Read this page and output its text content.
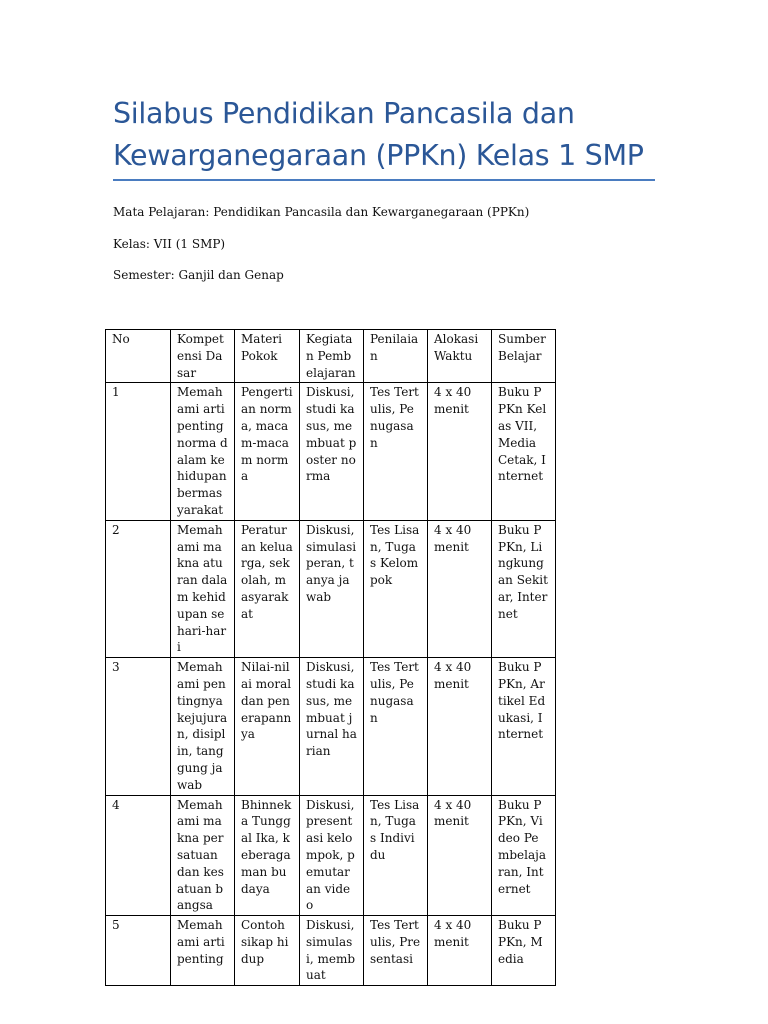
Silabus Pendidikan Pancasila dan Kewarganegaraan (PPKn) Kelas 1 SMP

Mata Pelajaran: Pendidikan Pancasila dan Kewarganegaraan (PPKn)

Kelas: VII (1 SMP)

Semester: Ganjil dan Genap

No	Kompetensi Dasar	Materi Pokok	Kegiatan Pembelajaran	Penilaian	Alokasi Waktu	Sumber Belajar
1	Memahami arti penting norma dalam kehidupan bermasyarakat	Pengertian norma, macam-macam norma	Diskusi, studi kasus, membuat poster norma	Tes Tertulis, Penugasan	4 x 40 menit	Buku PPKn Kelas VII, Media Cetak, Internet
2	Memahami makna aturan dalam kehidupan sehari-hari	Peraturan keluarga, sekolah, masyarakat	Diskusi, simulasi peran, tanya jawab	Tes Lisan, Tugas Kelompok	4 x 40 menit	Buku PPKn, Lingkungan Sekitar, Internet
3	Memahami pentingnya kejujuran, disiplin, tanggung jawab	Nilai-nilai moral dan penerapannya	Diskusi, studi kasus, membuat jurnal harian	Tes Tertulis, Penugasan	4 x 40 menit	Buku PPKn, Artikel Edukasi, Internet
4	Memahami makna persatuan dan kesatuan bangsa	Bhinneka Tunggal Ika, keberagaman budaya	Diskusi, presentasi kelompok, pemutaran video	Tes Lisan, Tugas Individu	4 x 40 menit	Buku PPKn, Video Pembelajaran, Internet
5	Memahami arti penting	Contoh sikap hidup	Diskusi, simulasi, membuat	Tes Tertulis, Presentasi	4 x 40 menit	Buku PPKn, Media
